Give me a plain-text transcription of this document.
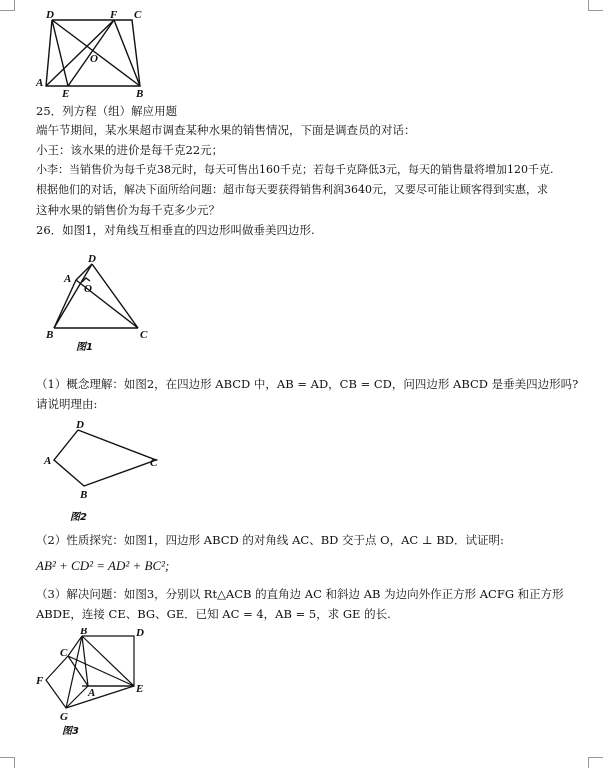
D	F C
O
A
E	B
25．列方程（组）解应用题
端午节期间，某水果超市调查某种水果的销售情况，下面是调查员的对话：
小王：该水果的进价是每千克22元；
小李：当销售价为每千克38元时，每天可售出160千克；若每千克降低3元，每天的销售量将增加120千克.
根据他们的对话，解决下面所给问题：超市每天要获得销售利润3640元，又要尽可能让顾客得到实惠，求
这种水果的销售价为每千克多少元？
26．如图1，对角线互相垂直的四边形叫做垂美四边形.
A
D
O
B	C
图1
（1）概念理解：如图2，在四边形 ABCD 中，AB = AD，CB = CD，问四边形 ABCD 是垂美四边形吗?
请说明理由:
D
A	C
B
图2
（2）性质探究：如图1，四边形 ABCD 的对角线 AC、BD 交于点 O，AC ⊥ BD．试证明:
AB² + CD² = AD² + BC²;
（3）解决问题：如图3，分别以 Rt△ACB 的直角边 AC 和斜边 AB 为边向外作正方形 ACFG 和正方形
ABDE，连接 CE、BG、GE．已知 AC = 4，AB = 5，求 GE 的长.
B	D
C
F
A	E
G
图3
